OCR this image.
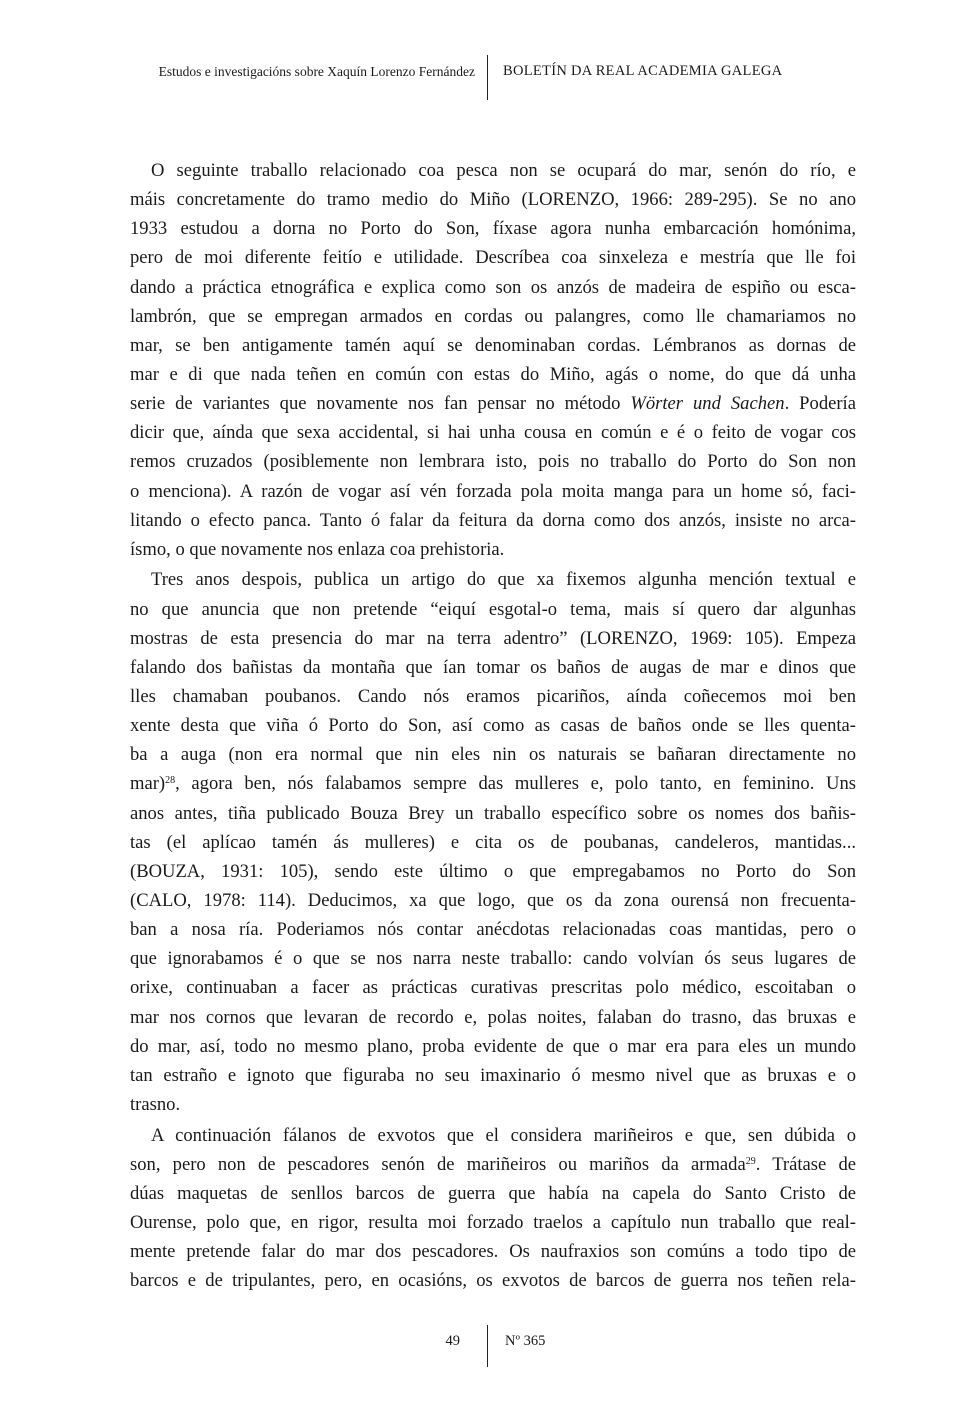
Estudos e investigacións sobre Xaquín Lorenzo Fernández BOLETÍN DA REAL ACADEMIA GALEGA
O seguinte traballo relacionado coa pesca non se ocupará do mar, senón do río, e
máis concretamente do tramo medio do Miño (LORENZO, 1966: 289-295). Se no ano
1933 estudou a dorna no Porto do Son, fíxase agora nunha embarcación homónima,
pero de moi diferente feitío e utilidade. Descríbea coa sinxeleza e mestría que lle foi
dando a práctica etnográfica e explica como son os anzós de madeira de espiño ou esca-
lambrón, que se empregan armados en cordas ou palangres, como lle chamariamos no
mar, se ben antigamente tamén aquí se denominaban cordas. Lémbranos as dornas de
mar e di que nada teñen en común con estas do Miño, agás o nome, do que dá unha
serie de variantes que novamente nos fan pensar no método Wörter und Sachen. Podería
dicir que, aínda que sexa accidental, si hai unha cousa en común e é o feito de vogar cos
remos cruzados (posiblemente non lembrara isto, pois no traballo do Porto do Son non
o menciona). A razón de vogar así vén forzada pola moita manga para un home só, faci-
litando o efecto panca. Tanto ó falar da feitura da dorna como dos anzós, insiste no arca-
ísmo, o que novamente nos enlaza coa prehistoria.
Tres anos despois, publica un artigo do que xa fixemos algunha mención textual e
no que anuncia que non pretende “eiquí esgotal-o tema, mais sí quero dar algunhas
mostras de esta presencia do mar na terra adentro” (LORENZO, 1969: 105). Empeza
falando dos bañistas da montaña que ían tomar os baños de augas de mar e dinos que
lles chamaban poubanos. Cando nós eramos picariños, aínda coñecemos moi ben
xente desta que viña ó Porto do Son, así como as casas de baños onde se lles quenta-
ba a auga (non era normal que nin eles nin os naturais se bañaran directamente no
mar)$^{28}$, agora ben, nós falabamos sempre das mulleres e, polo tanto, en feminino. Uns
anos antes, tiña publicado Bouza Brey un traballo específico sobre os nomes dos bañis-
tas (el aplícao tamén ás mulleres) e cita os de poubanas, candeleros, mantidas...
(BOUZA, 1931: 105), sendo este último o que empregabamos no Porto do Son
(CALO, 1978: 114). Deducimos, xa que logo, que os da zona ourensá non frecuenta-
ban a nosa ría. Poderiamos nós contar anécdotas relacionadas coas mantidas, pero o
que ignorabamos é o que se nos narra neste traballo: cando volvían ós seus lugares de
orixe, continuaban a facer as prácticas curativas prescritas polo médico, escoitaban o
mar nos cornos que levaran de recordo e, polas noites, falaban do trasno, das bruxas e
do mar, así, todo no mesmo plano, proba evidente de que o mar era para eles un mundo
tan estraño e ignoto que figuraba no seu imaxinario ó mesmo nivel que as bruxas e o
trasno.
A continuación fálanos de exvotos que el considera mariñeiros e que, sen dúbida o
son, pero non de pescadores senón de mariñeiros ou mariños da armada$^{29}$. Trátase de
dúas maquetas de senllos barcos de guerra que había na capela do Santo Cristo de
Ourense, polo que, en rigor, resulta moi forzado traelos a capítulo nun traballo que real-
mente pretende falar do mar dos pescadores. Os naufraxios son comúns a todo tipo de
barcos e de tripulantes, pero, en ocasións, os exvotos de barcos de guerra nos teñen rela-
49	Nº 365
